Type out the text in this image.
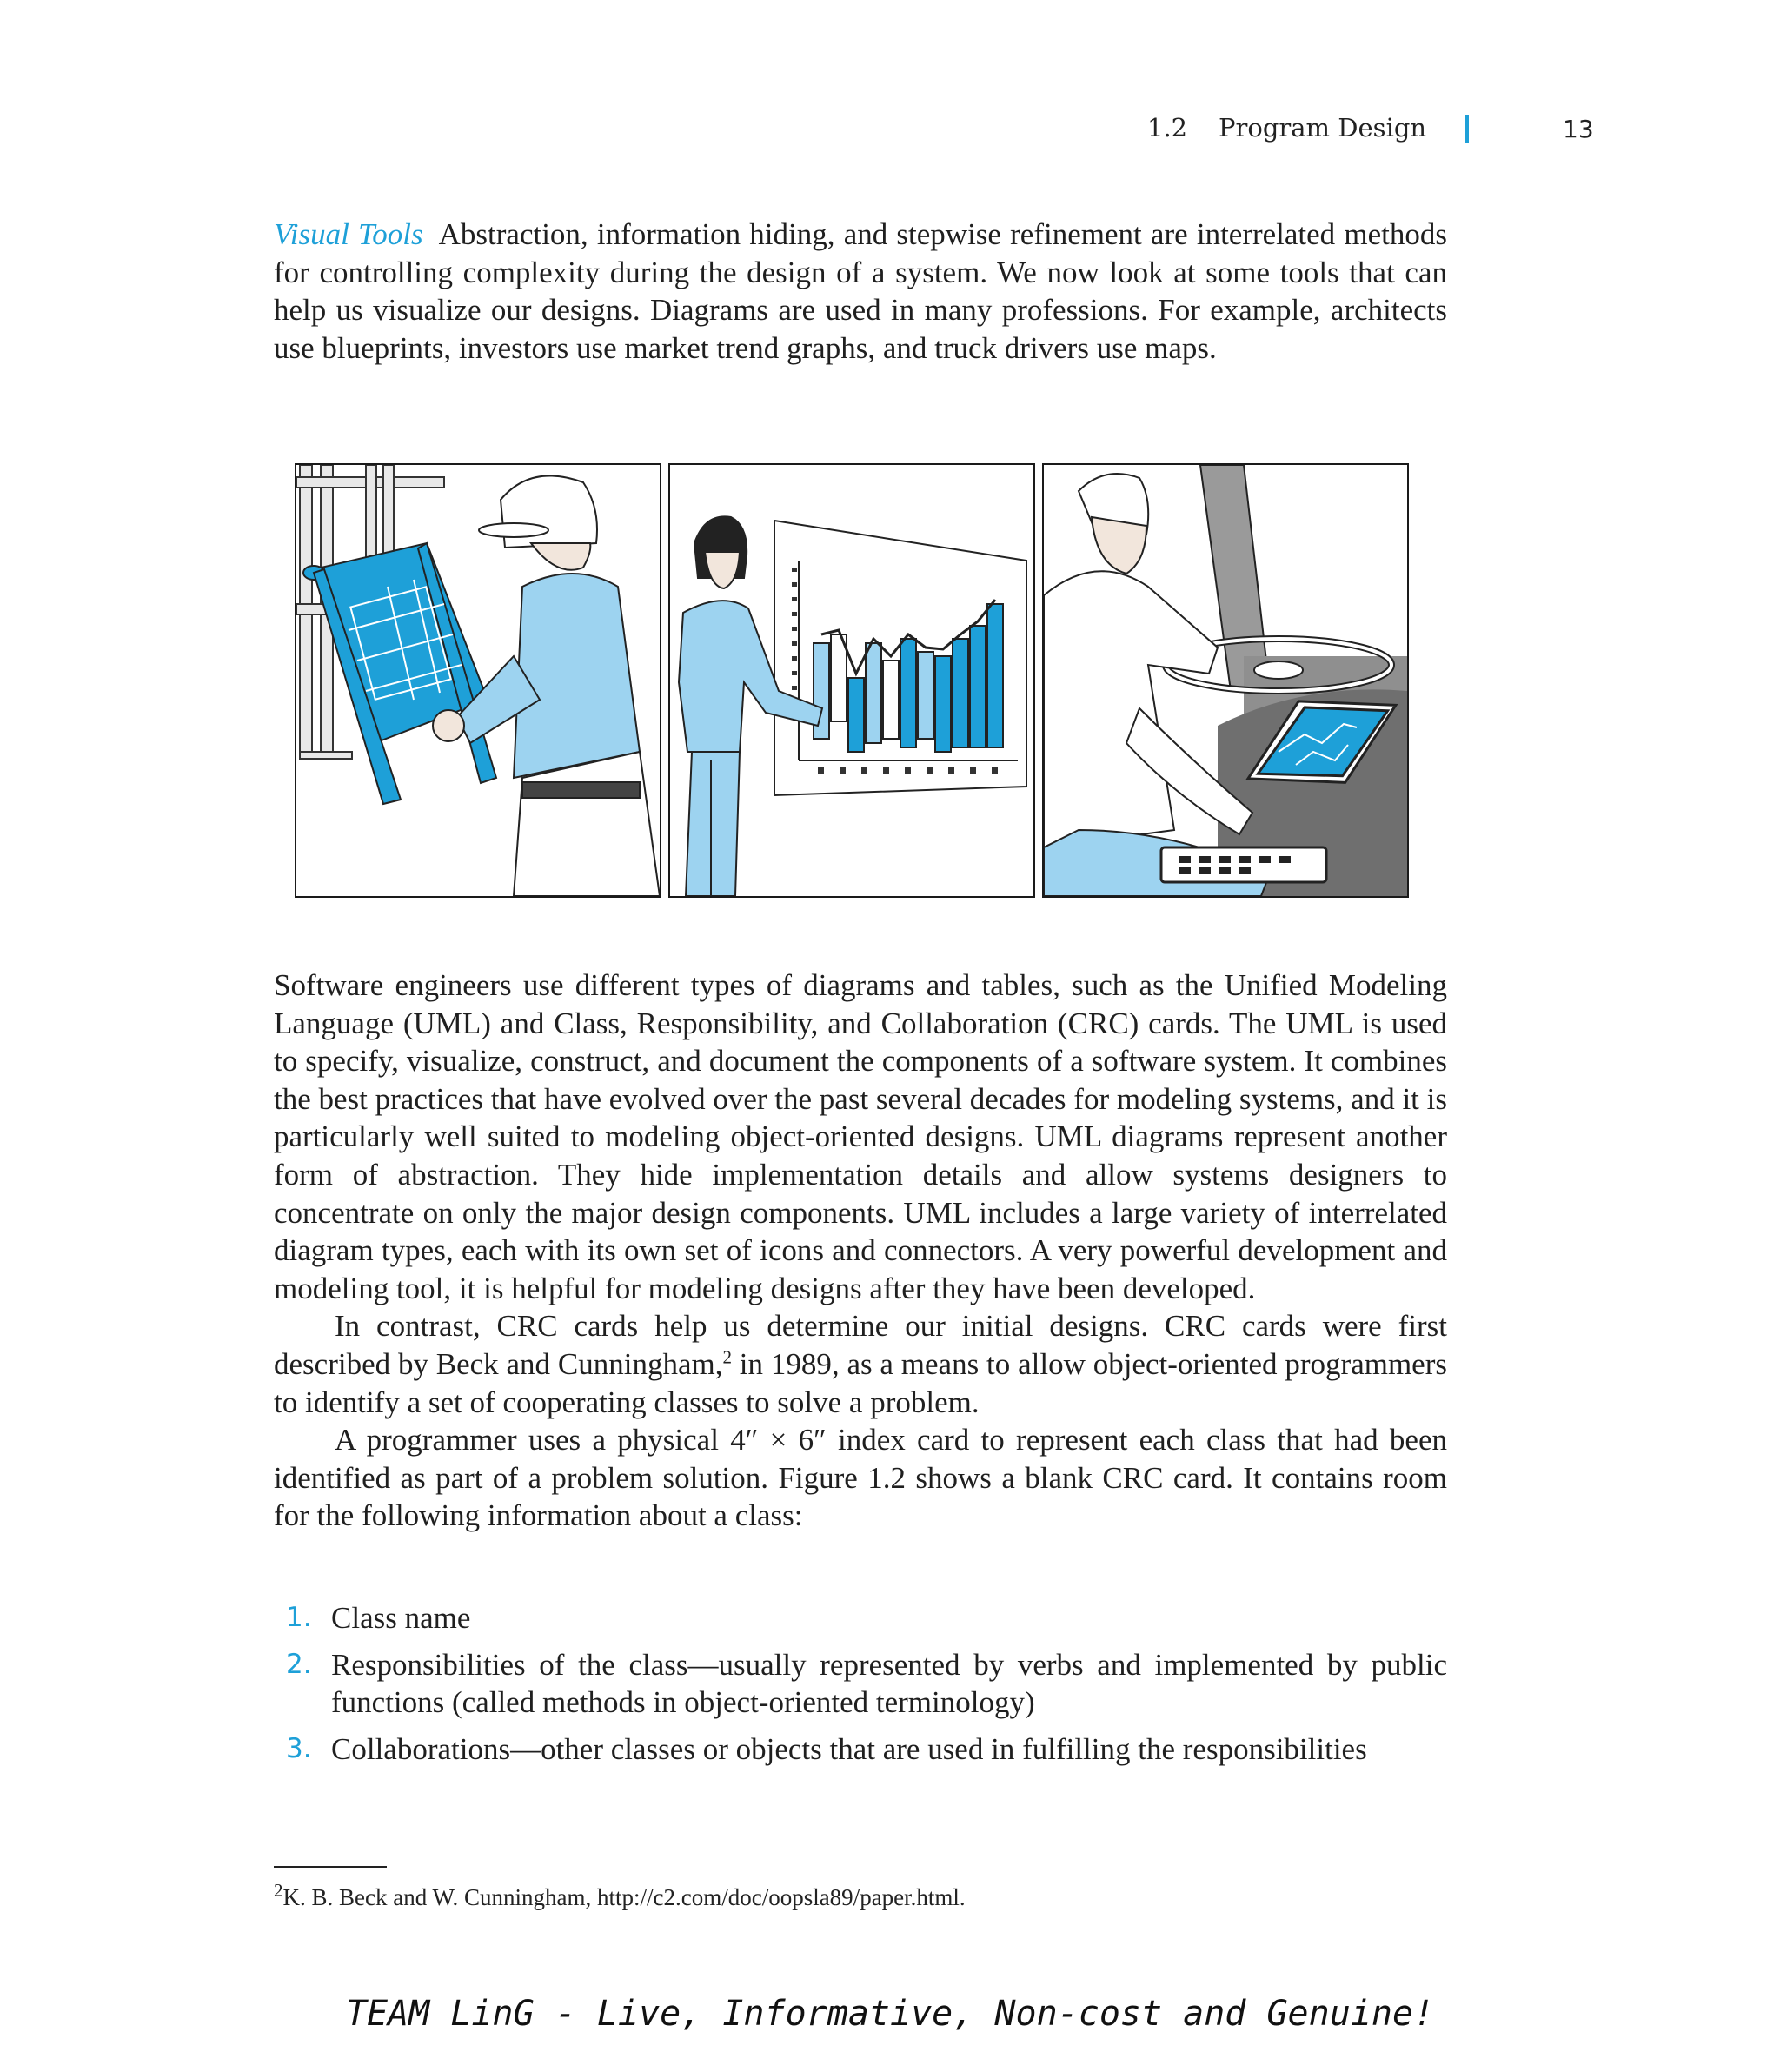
1.2 Program Design	13

Visual Tools Abstraction, information hiding, and stepwise refinement are interrelated methods for controlling complexity during the design of a system. We now look at some tools that can help us visualize our designs. Diagrams are used in many professions. For example, architects use blueprints, investors use market trend graphs, and truck drivers use maps.

Software engineers use different types of diagrams and tables, such as the Unified Modeling Language (UML) and Class, Responsibility, and Collaboration (CRC) cards. The UML is used to specify, visualize, construct, and document the components of a software system. It combines the best practices that have evolved over the past several decades for modeling systems, and it is particularly well suited to modeling object-oriented designs. UML diagrams represent another form of abstraction. They hide implementation details and allow systems designers to concentrate on only the major design components. UML includes a large variety of interrelated diagram types, each with its own set of icons and connectors. A very powerful development and modeling tool, it is helpful for modeling designs after they have been developed.

In contrast, CRC cards help us determine our initial designs. CRC cards were first described by Beck and Cunningham,$^2$ in 1989, as a means to allow object-oriented programmers to identify a set of cooperating classes to solve a problem.

A programmer uses a physical 4″ × 6″ index card to represent each class that had been identified as part of a problem solution. Figure 1.2 shows a blank CRC card. It contains room for the following information about a class:

1. Class name
2. Responsibilities of the class—usually represented by verbs and implemented by public functions (called methods in object-oriented terminology)
3. Collaborations—other classes or objects that are used in fulfilling the responsibilities
$^2$K. B. Beck and W. Cunningham, http://c2.com/doc/oopsla89/paper.html.
TEAM LinG - Live, Informative, Non-cost and Genuine!
